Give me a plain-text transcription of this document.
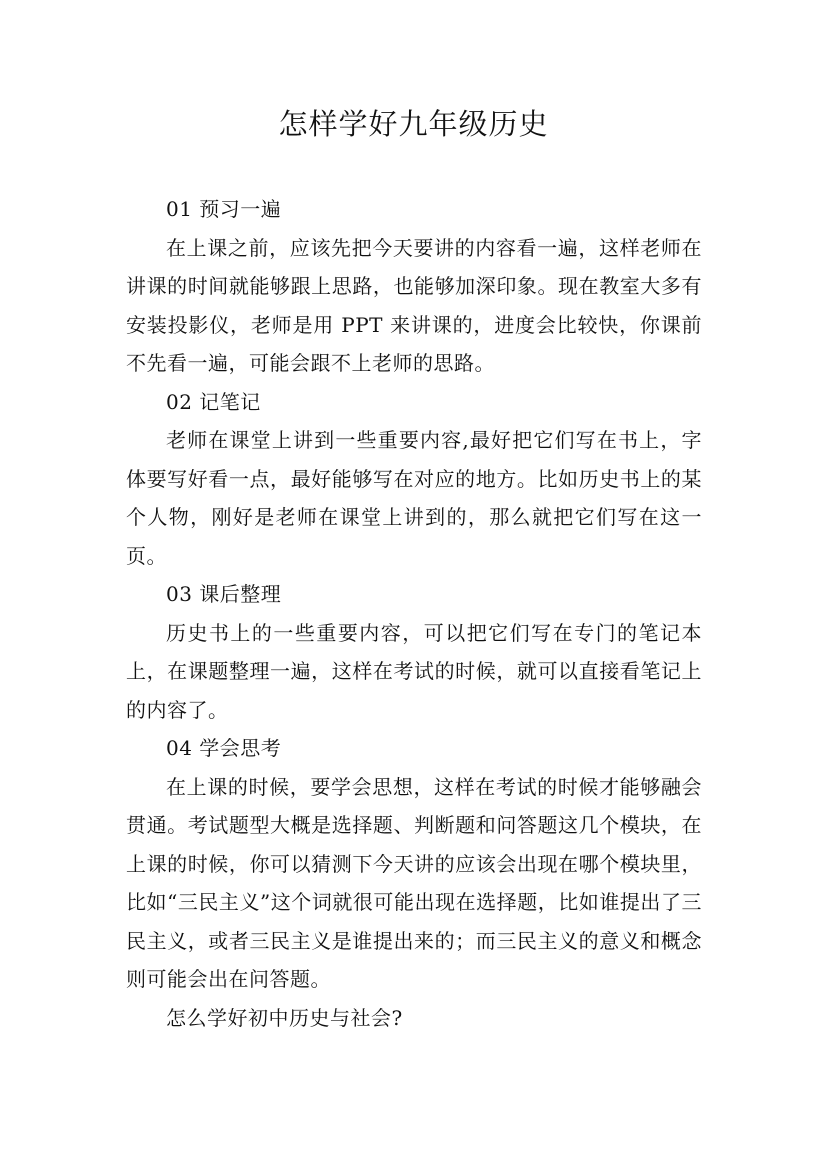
怎样学好九年级历史

01 预习一遍

在上课之前，应该先把今天要讲的内容看一遍，这样老师在讲课的时间就能够跟上思路，也能够加深印象。现在教室大多有安装投影仪，老师是用 PPT 来讲课的，进度会比较快，你课前不先看一遍，可能会跟不上老师的思路。

02 记笔记

老师在课堂上讲到一些重要内容,最好把它们写在书上，字体要写好看一点，最好能够写在对应的地方。比如历史书上的某个人物，刚好是老师在课堂上讲到的，那么就把它们写在这一页。

03 课后整理

历史书上的一些重要内容，可以把它们写在专门的笔记本上，在课题整理一遍，这样在考试的时候，就可以直接看笔记上的内容了。

04 学会思考

在上课的时候，要学会思想，这样在考试的时候才能够融会贯通。考试题型大概是选择题、判断题和问答题这几个模块，在上课的时候，你可以猜测下今天讲的应该会出现在哪个模块里，比如“三民主义”这个词就很可能出现在选择题，比如谁提出了三民主义，或者三民主义是谁提出来的；而三民主义的意义和概念则可能会出在问答题。

怎么学好初中历史与社会?
